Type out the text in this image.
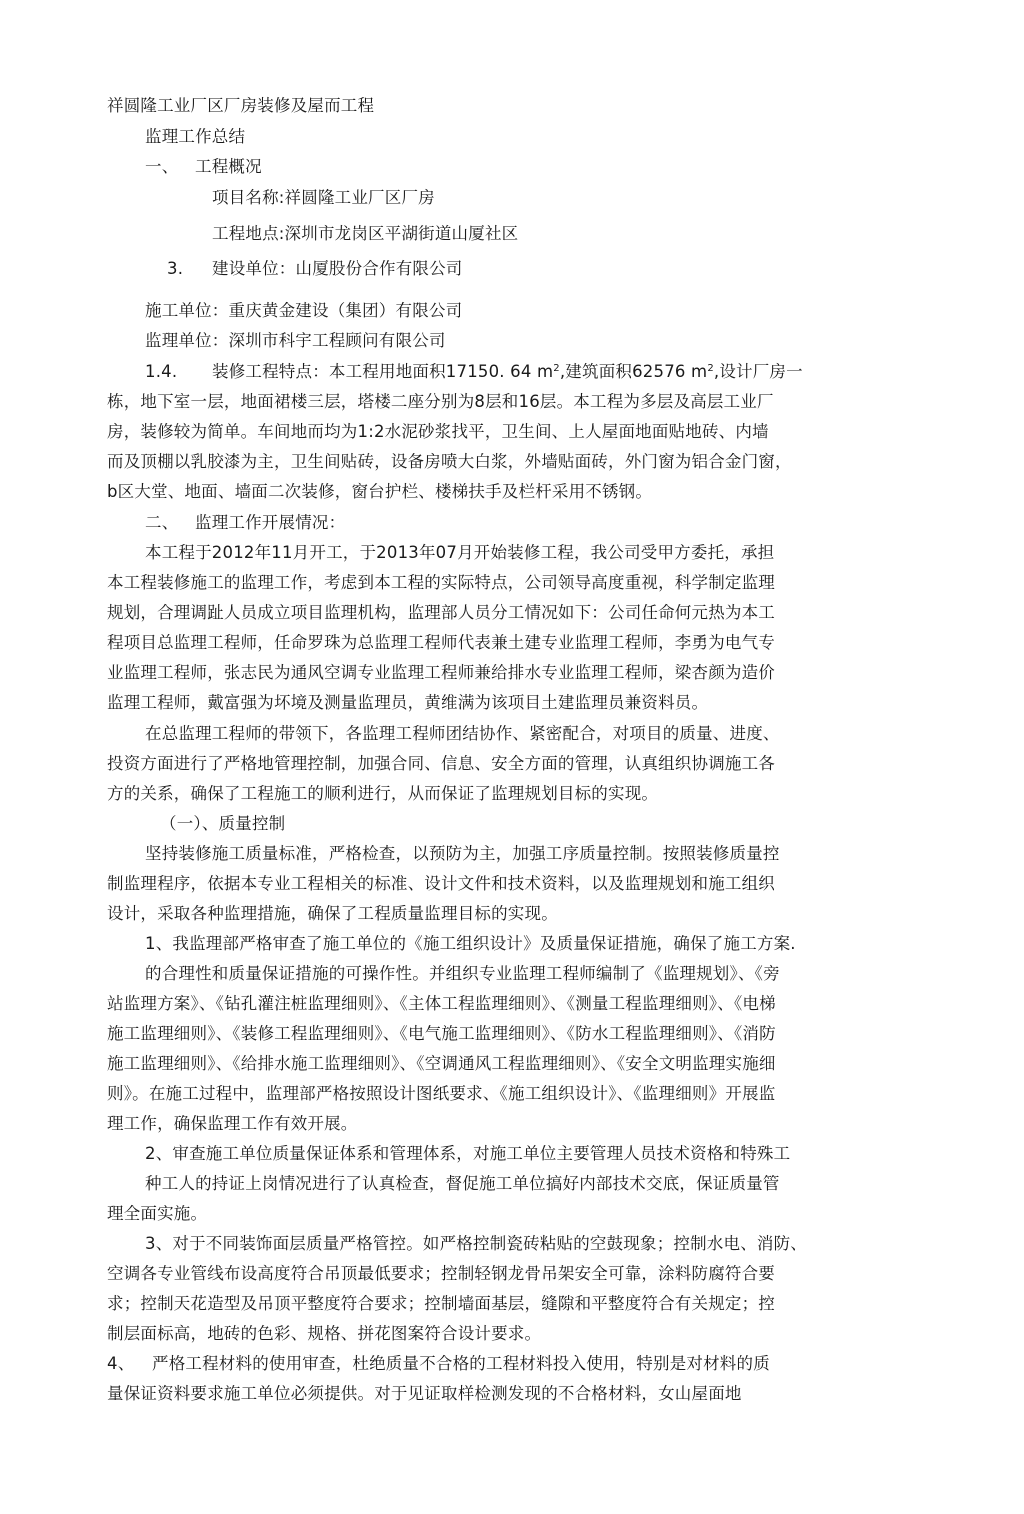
祥圆隆工业厂区厂房装修及屋而工程
监理工作总结
一、 工程概况
项目名称:祥圆隆工业厂区厂房
工程地点:深圳市龙岗区平湖街道山厦社区
3. 建设单位：山厦股份合作有限公司
施工单位：重庆黄金建设（集团）有限公司
监理单位：深圳市科宇工程顾问有限公司
1.4. 装修工程特点：本工程用地面积17150. 64 $m^2$,建筑面积62576 $m^2$,设计厂房一
栋，地下室一层，地面裙楼三层，塔楼二座分别为8层和16层。本工程为多层及高层工业厂
房，装修较为简单。车间地而均为1:2水泥砂浆找平，卫生间、上人屋面地面贴地砖、内墙
而及顶棚以乳胶漆为主，卫生间贴砖，设备房喷大白浆，外墙贴面砖，外门窗为铝合金门窗，
b区大堂、地面、墙面二次装修，窗台护栏、楼梯扶手及栏杆采用不锈钢。
二、 监理工作开展情况：
本工程于2012年11月开工，于2013年07月开始装修工程，我公司受甲方委托，承担
本工程装修施工的监理工作，考虑到本工程的实际特点，公司领导高度重视，科学制定监理
规划，合理调趾人员成立项目监理机构，监理部人员分工情况如下：公司任命何元热为本工
程项目总监理工程师，任命罗珠为总监理工程师代表兼土建专业监理工程师，李勇为电气专
业监理工程师，张志民为通风空调专业监理工程师兼给排水专业监理工程师，梁杏颜为造价
监理工程师，戴富强为坏境及测量监理员，黄维满为该项目土建监理员兼资料员。
在总监理工程师的带领下，各监理工程师团结协作、紧密配合，对项目的质量、进度、
投资方面进行了严格地管理控制，加强合同、信息、安全方面的管理，认真组织协调施工各
方的关系，确保了工程施工的顺利进行，从而保证了监理规划目标的实现。
（一）、质量控制
坚持装修施工质量标准，严格检查，以预防为主，加强工序质量控制。按照装修质量控
制监理程序，依据本专业工程相关的标准、设计文件和技术资料，以及监理规划和施工组织
设计，采取各种监理措施，确保了工程质量监理目标的实现。
1、我监理部严格审查了施工单位的《施工组织设计》及质量保证措施，确保了施工方案.
的合理性和质量保证措施的可操作性。并组织专业监理工程师编制了《监理规划》、《旁
站监理方案》、《钻孔灌注桩监理细则》、《主体工程监理细则》、《测量工程监理细则》、《电梯
施工监理细则》、《装修工程监理细则》、《电气施工监理细则》、《防水工程监理细则》、《消防
施工监理细则》、《给排水施工监理细则》、《空调通风工程监理细则》、《安全文明监理实施细
则》。在施工过程中，监理部严格按照设计图纸要求、《施工组织设计》、《监理细则》开展监
理工作，确保监理工作有效开展。
2、审查施工单位质量保证体系和管理体系，对施工单位主要管理人员技术资格和特殊工
种工人的持证上岗情况进行了认真检查，督促施工单位搞好内部技术交底，保证质量管
理全面实施。
3、对于不同装饰面层质量严格管控。如严格控制瓷砖粘贴的空鼓现象；控制水电、消防、
空调各专业管线布设高度符合吊顶最低要求；控制轻钢龙骨吊架安全可靠，涂料防腐符合要
求；控制天花造型及吊顶平整度符合要求；控制墙面基层，缝隙和平整度符合有关规定；控
制层面标高，地砖的色彩、规格、拼花图案符合设计要求。
4、 严格工程材料的使用审查，杜绝质量不合格的工程材料投入使用，特别是对材料的质
量保证资料要求施工单位必须提供。对于见证取样检测发现的不合格材料，女山屋面地
